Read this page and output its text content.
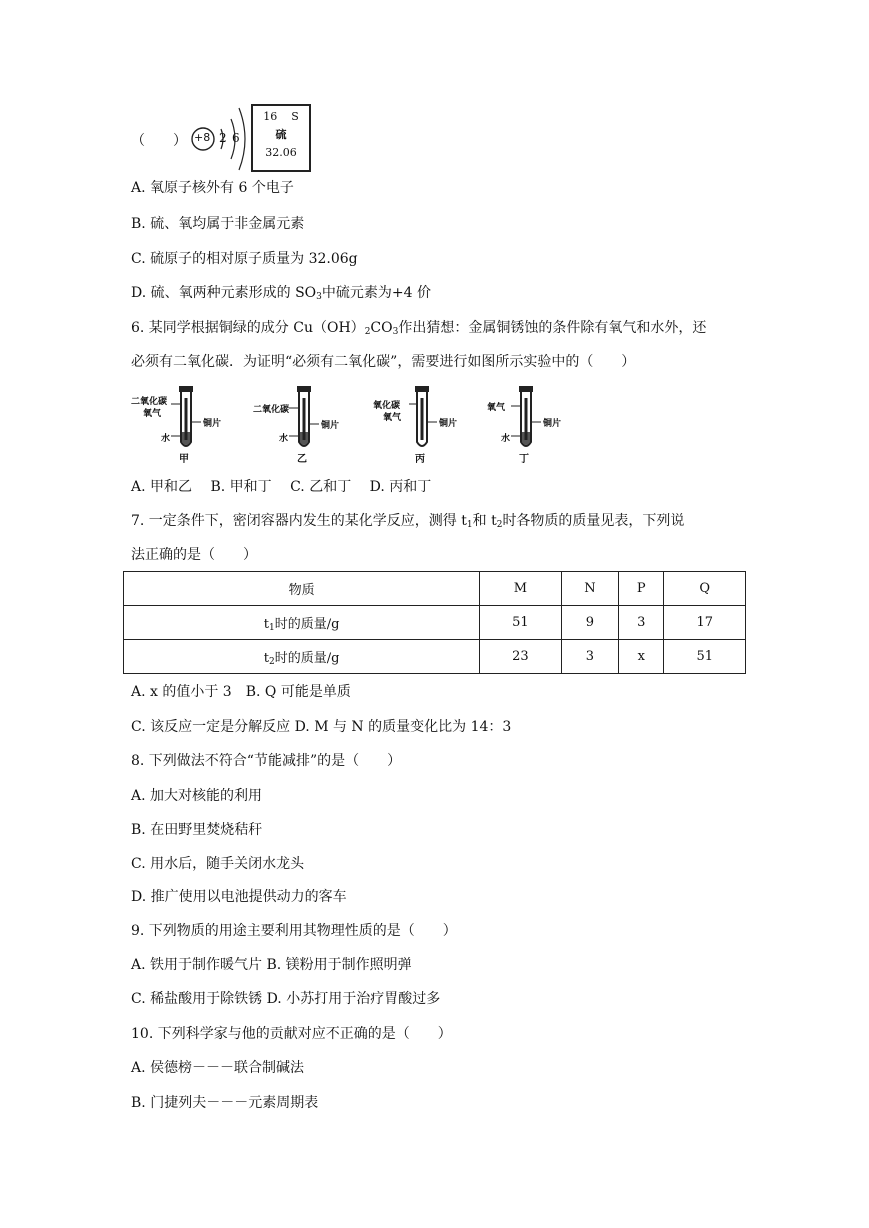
（　　） +8 2 6
16 S
硫
32.06
A. 氧原子核外有 6 个电子
B. 硫、氧均属于非金属元素
C. 硫原子的相对原子质量为 32.06g
D. 硫、氧两种元素形成的 $SO_3$中硫元素为+4 价
6. 某同学根据铜绿的成分 $Cu(OH)_2CO_3$作出猜想：金属铜锈蚀的条件除有氧气和水外，还
必须有二氧化碳．为证明“必须有二氧化碳”，需要进行如图所示实验中的（　　）
二氧化碳
氧气
铜片
水
甲
二氧化碳
铜片
水
乙
氧化碳
氧气
铜片
丙
氧气
铜片
水
丁
A. 甲和乙　 B. 甲和丁　 C. 乙和丁　 D. 丙和丁
7. 一定条件下，密闭容器内发生的某化学反应，测得 $t_1$和 $t_2$时各物质的质量见表，下列说
法正确的是（　　）
物质	M	N	P	Q
$t_1$时的质量/g	51	9	3	17
$t_2$时的质量/g	23	3	x	51
A. x 的值小于 3　B. Q 可能是单质
C. 该反应一定是分解反应 D. M 与 N 的质量变化比为 14：3
8. 下列做法不符合“节能减排”的是（　　）
A. 加大对核能的利用
B. 在田野里焚烧秸秆
C. 用水后，随手关闭水龙头
D. 推广使用以电池提供动力的客车
9. 下列物质的用途主要利用其物理性质的是（　　）
A. 铁用于制作暖气片 B. 镁粉用于制作照明弹
C. 稀盐酸用于除铁锈 D. 小苏打用于治疗胃酸过多
10. 下列科学家与他的贡献对应不正确的是（　　）
A. 侯德榜－－－联合制碱法
B. 门捷列夫－－－元素周期表
